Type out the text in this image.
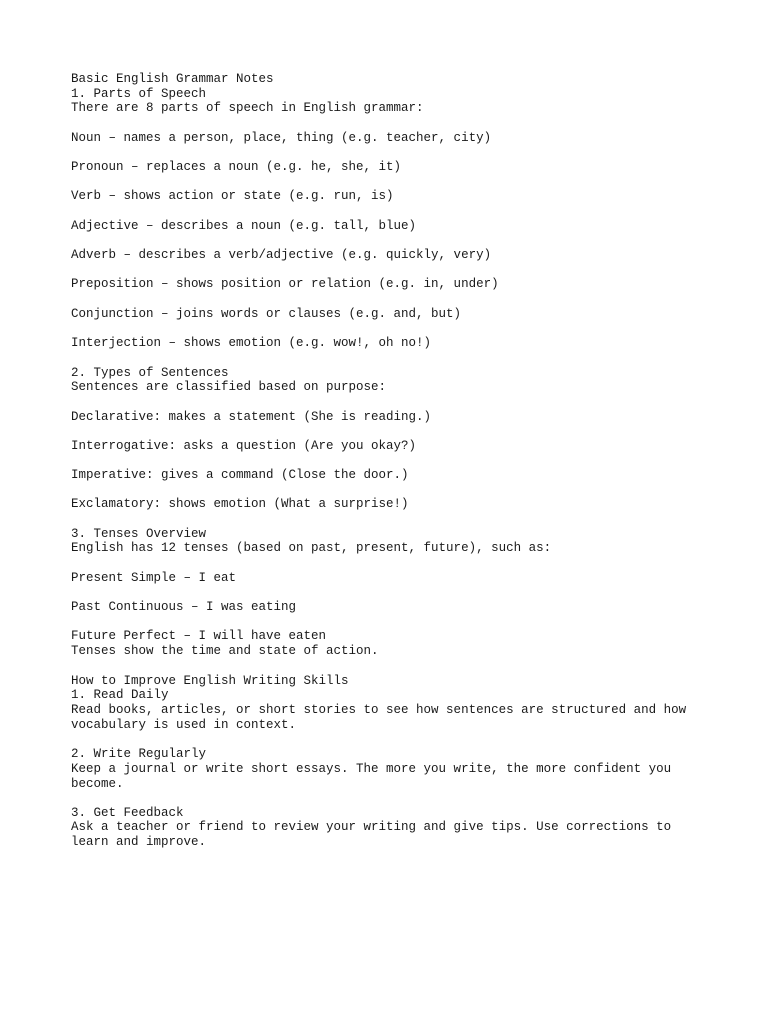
Basic English Grammar Notes

1. Parts of Speech

There are 8 parts of speech in English grammar:

Noun – names a person, place, thing (e.g. teacher, city)

Pronoun – replaces a noun (e.g. he, she, it)

Verb – shows action or state (e.g. run, is)

Adjective – describes a noun (e.g. tall, blue)

Adverb – describes a verb/adjective (e.g. quickly, very)

Preposition – shows position or relation (e.g. in, under)

Conjunction – joins words or clauses (e.g. and, but)

Interjection – shows emotion (e.g. wow!, oh no!)

2. Types of Sentences

Sentences are classified based on purpose:

Declarative: makes a statement (She is reading.)

Interrogative: asks a question (Are you okay?)

Imperative: gives a command (Close the door.)

Exclamatory: shows emotion (What a surprise!)

3. Tenses Overview

English has 12 tenses (based on past, present, future), such as:

Present Simple – I eat

Past Continuous – I was eating

Future Perfect – I will have eaten

Tenses show the time and state of action.

How to Improve English Writing Skills

1. Read Daily

Read books, articles, or short stories to see how sentences are structured and how

vocabulary is used in context.

2. Write Regularly

Keep a journal or write short essays. The more you write, the more confident you

become.

3. Get Feedback

Ask a teacher or friend to review your writing and give tips. Use corrections to

learn and improve.
